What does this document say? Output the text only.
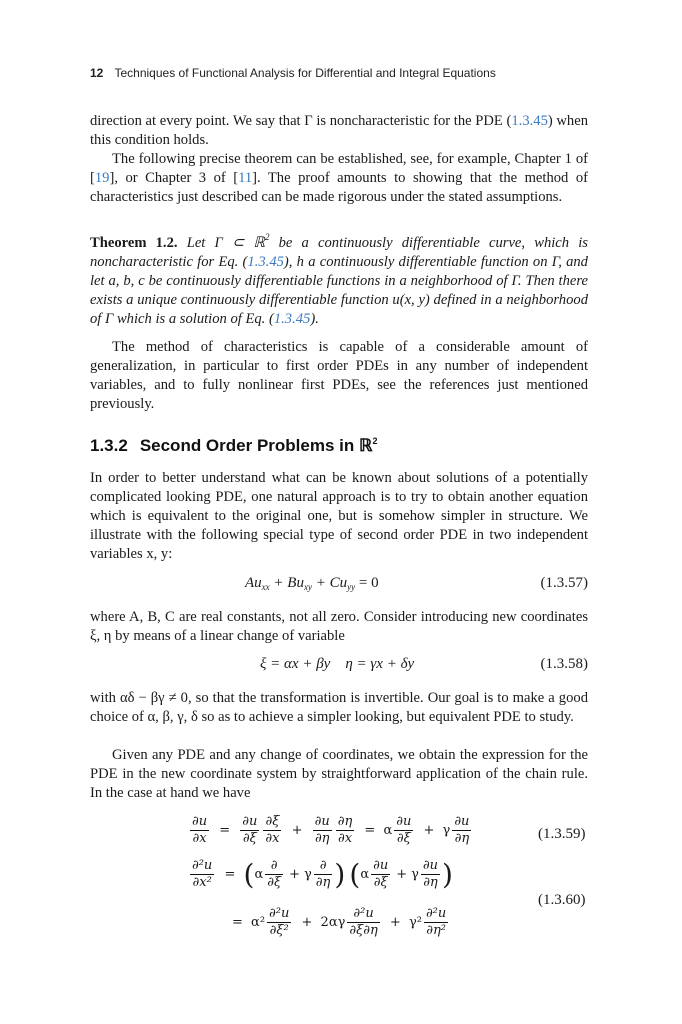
12 Techniques of Functional Analysis for Differential and Integral Equations

direction at every point. We say that Γ is noncharacteristic for the PDE (1.3.45) when this condition holds.

The following precise theorem can be established, see, for example, Chapter 1 of [19], or Chapter 3 of [11]. The proof amounts to showing that the method of characteristics just described can be made rigorous under the stated assumptions.

Theorem 1.2. Let Γ ⊂ ℝ$^2$ be a continuously differentiable curve, which is noncharacteristic for Eq. (1.3.45), h a continuously differentiable function on Γ, and let a, b, c be continuously differentiable functions in a neighborhood of Γ. Then there exists a unique continuously differentiable function u(x, y) defined in a neighborhood of Γ which is a solution of Eq. (1.3.45).

The method of characteristics is capable of a considerable amount of generalization, in particular to first order PDEs in any number of independent variables, and to fully nonlinear first PDEs, see the references just mentioned previously.

1.3.2 Second Order Problems in ℝ$^2$

In order to better understand what can be known about solutions of a potentially complicated looking PDE, one natural approach is to try to obtain another equation which is equivalent to the original one, but is somehow simpler in structure. We illustrate with the following special type of second order PDE in two independent variables x, y:

$Au_{xx} + Bu_{xy} + Cu_{yy} = 0$	(1.3.57)

where A, B, C are real constants, not all zero. Consider introducing new coordinates ξ, η by means of a linear change of variable

ξ = αx + βy    η = γx + δy	(1.3.58)

with αδ − βγ ≠ 0, so that the transformation is invertible. Our goal is to make a good choice of α, β, γ, δ so as to achieve a simpler looking, but equivalent PDE to study.

Given any PDE and any change of coordinates, we obtain the expression for the PDE in the new coordinate system by straightforward application of the chain rule. In the case at hand we have

$\frac{\partial u}{\partial x} = \frac{\partial u}{\partial\xi} \frac{\partial\xi}{\partial x} + \frac{\partial u}{\partial\eta} \frac{\partial\eta}{\partial x} = \alpha \frac{\partial u}{\partial\xi} + \gamma \frac{\partial u}{\partial\eta}$	(1.3.59)
$\frac{\text{∂²u}}{\text{∂x²}} = (\alpha \frac{\partial}{\partial\xi} + \gamma \frac{\partial}{\partial\eta}$ ) ($\alpha \frac{\partial u}{\partial\xi} + \gamma \frac{\partial u}{\partial\eta}$ )
(1.3.60)
= $\alpha^2 \frac{\text{∂²u}}{\text{∂ξ²}} + 2\alpha\gamma \frac{\text{∂²u}}{\partial\xi\partial\eta} + \gamma^2 \frac{\text{∂²u}}{\text{∂η²}}$
